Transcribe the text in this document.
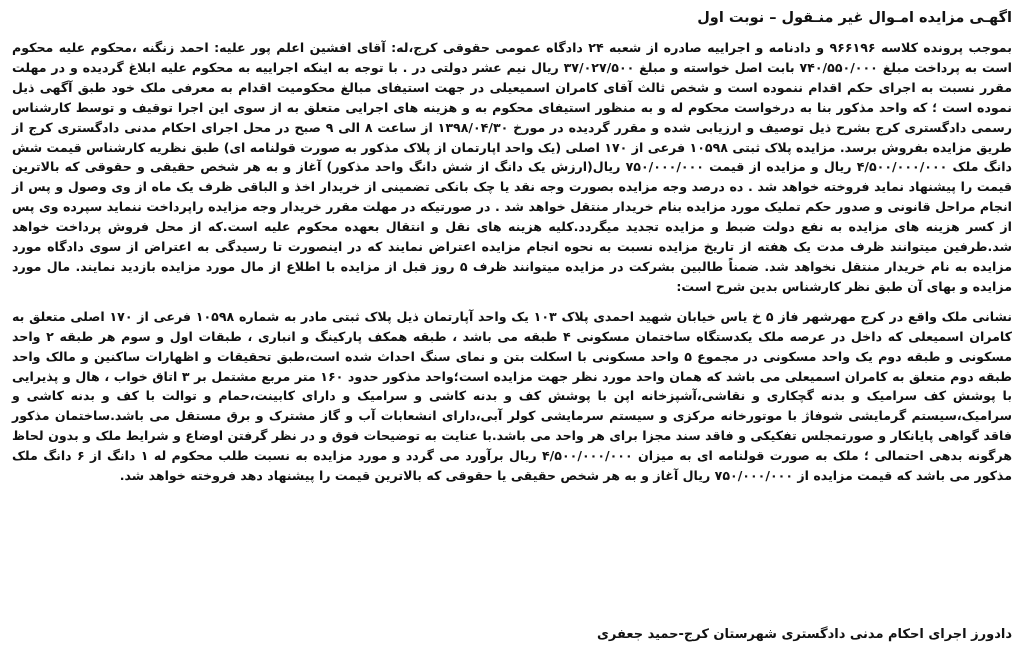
اگهـی مزایده امـوال غیر منـقول – نوبت اول

بموجب پرونده کلاسه ۹۶۶۱۹۶ و دادنامه و اجراییه صادره از شعبه ۲۴ دادگاه عمومی حقوقی کرج،له: آقای افشین اعلم پور علیه: احمد زنگنه ،محکوم علیه محکوم است به پرداخت مبلغ ۷۴۰/۵۵۰/۰۰۰ بابت اصل خواسته و مبلغ ۳۷/۰۲۷/۵۰۰ ریال نیم عشر دولتی در . با توجه به اینکه اجراییه به محکوم علیه ابلاغ گردیده و در مهلت مقرر نسبت به اجرای حکم اقدام ننموده است و شخص ثالث آقای کامران اسمیعیلی در جهت استیفای مبالغ محکومیت اقدام به معرفی ملک خود طبق آگهی ذیل نموده است ؛ که واحد مذکور بنا به درخواست محکوم له و به منظور استیفای محکوم به و هزینه های اجرایی متعلق به از سوی این اجرا توقیف و توسط کارشناس رسمی دادگستری کرج بشرح ذیل توصیف و ارزیابی شده و مقرر گردیده در مورخ ۱۳۹۸/۰۴/۳۰ از ساعت ۸ الی ۹ صبح در محل اجرای احکام مدنی دادگستری کرج از طریق مزایده بفروش برسد. مزایده پلاک ثبتی ۱۰۵۹۸ فرعی از ۱۷۰ اصلی (یک واحد اپارتمان از پلاک مذکور به صورت قولنامه ای) طبق نظریه کارشناس قیمت شش دانگ ملک ۴/۵۰۰/۰۰۰/۰۰۰ ریال و مزایده از قیمت ۷۵۰/۰۰۰/۰۰۰ ریال(ارزش یک دانگ از شش دانگ واحد مذکور) آغاز و به هر شخص حقیقی و حقوقی که بالاترین قیمت را پیشنهاد نماید فروخته خواهد شد . ده درصد وجه مزایده بصورت وجه نقد یا چک بانکی تضمینی از خریدار اخذ و الباقی ظرف یک ماه از وی وصول و پس از انجام مراحل قانونی و صدور حکم تملیک مورد مزایده بنام خریدار منتقل خواهد شد . در صورتیکه در مهلت مقرر خریدار وجه مزایده راپرداخت ننماید سپرده وی پس از کسر هزینه های مزایده به نفع دولت ضبط و مزایده تجدید میگردد.کلیه هزینه های نقل و انتقال بعهده محکوم علیه است.که از محل فروش پرداخت خواهد شد.طرفین میتوانند ظرف مدت یک هفته از تاریخ مزایده نسبت به نحوه انجام مزایده اعتراض نمایند که در اینصورت تا رسیدگی به اعتراض از سوی دادگاه مورد مزایده به نام خریدار منتقل نخواهد شد. ضمناً طالبین بشرکت در مزایده میتوانند ظرف ۵ روز قبل از مزایده با اطلاع از مال مورد مزایده بازدید نمایند. مال مورد مزایده و بهای آن طبق نظر کارشناس بدین شرح است:

نشانی ملک واقع در کرج مهرشهر فاز ۵ خ یاس خیابان شهید احمدی پلاک ۱۰۳ یک واحد آپارتمان ذیل پلاک ثبتی مادر به شماره ۱۰۵۹۸ فرعی از ۱۷۰ اصلی متعلق به کامران اسمیعلی که داخل در عرصه ملک یکدستگاه ساختمان مسکونی ۴ طبقه می باشد ، طبقه همکف پارکینگ و انباری ، طبقات اول و سوم هر طبقه ۲ واحد مسکونی و طبقه دوم یک واحد مسکونی در مجموع ۵ واحد مسکونی با اسکلت بتن و نمای سنگ احداث شده است،طبق تحقیقات و اظهارات ساکنین و مالک واحد طبقه دوم متعلق به کامران اسمیعلی می باشد که همان واحد مورد نظر جهت مزایده است؛واحد مذکور حدود ۱۶۰ متر مربع مشتمل بر ۳ اتاق خواب ، هال و پذیرایی با پوشش کف سرامیک و بدنه گچکاری و نقاشی،آشپزخانه اپن با پوشش کف و بدنه کاشی و سرامیک و دارای کابینت،حمام و توالت با کف و بدنه کاشی و سرامیک،سیستم گرمایشی شوفاژ با موتورخانه مرکزی و سیستم سرمایشی کولر آبی،دارای انشعابات آب و گاز مشترک و برق مستقل می باشد.ساختمان مذکور فاقد گواهی پایانکار و صورتمجلس تفکیکی و فاقد سند مجزا برای هر واحد می باشد.با عنایت به توضیحات فوق و در نظر گرفتن اوضاع و شرایط ملک و بدون لحاظ هرگونه بدهی احتمالی ؛ ملک به صورت قولنامه ای به میزان ۴/۵۰۰/۰۰۰/۰۰۰ ریال برآورد می گردد و مورد مزایده به نسبت طلب محکوم له ۱ دانگ از ۶ دانگ ملک مذکور می باشد که قیمت مزایده از ۷۵۰/۰۰۰/۰۰۰ ریال آغاز و به هر شخص حقیقی یا حقوقی که بالاترین قیمت را پیشنهاد دهد فروخته خواهد شد.

دادورز اجرای احکام مدنی دادگستری شهرستان کرج-حمید جعفری
